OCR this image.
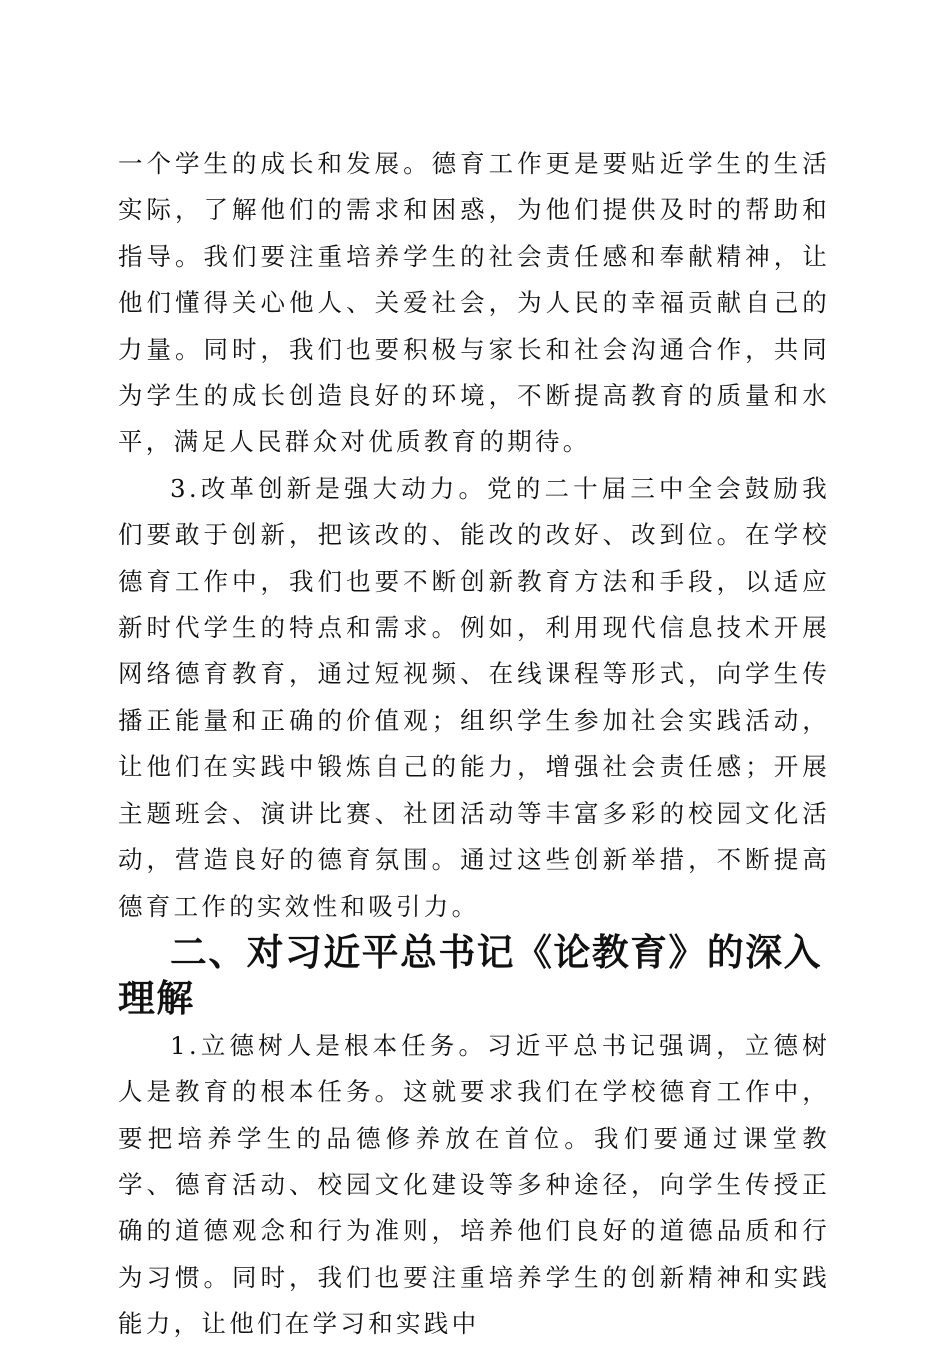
一个学生的成长和发展。德育工作更是要贴近学生的生活实际，了解他们的需求和困惑，为他们提供及时的帮助和指导。我们要注重培养学生的社会责任感和奉献精神，让他们懂得关心他人、关爱社会，为人民的幸福贡献自己的力量。同时，我们也要积极与家长和社会沟通合作，共同为学生的成长创造良好的环境，不断提高教育的质量和水平，满足人民群众对优质教育的期待。

3.改革创新是强大动力。党的二十届三中全会鼓励我们要敢于创新，把该改的、能改的改好、改到位。在学校德育工作中，我们也要不断创新教育方法和手段，以适应新时代学生的特点和需求。例如，利用现代信息技术开展网络德育教育，通过短视频、在线课程等形式，向学生传播正能量和正确的价值观；组织学生参加社会实践活动，让他们在实践中锻炼自己的能力，增强社会责任感；开展主题班会、演讲比赛、社团活动等丰富多彩的校园文化活动，营造良好的德育氛围。通过这些创新举措，不断提高德育工作的实效性和吸引力。

二、对习近平总书记《论教育》的深入理解

1.立德树人是根本任务。习近平总书记强调，立德树人是教育的根本任务。这就要求我们在学校德育工作中，要把培养学生的品德修养放在首位。我们要通过课堂教学、德育活动、校园文化建设等多种途径，向学生传授正确的道德观念和行为准则，培养他们良好的道德品质和行为习惯。同时，我们也要注重培养学生的创新精神和实践能力，让他们在学习和实践中
